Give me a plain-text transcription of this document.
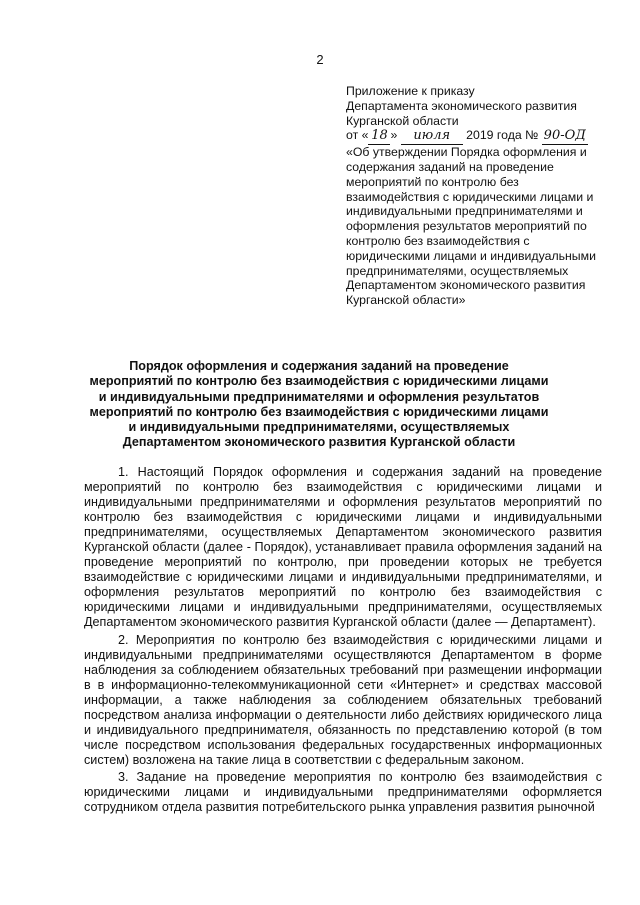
2
Приложение к приказу
Департамента экономического развития
Курганской области
от « 18 » июля 2019 года № 90-ОД
«Об утверждении Порядка оформления и содержания заданий на проведение мероприятий по контролю без взаимодействия с юридическими лицами и индивидуальными предпринимателями и оформления результатов мероприятий по контролю без взаимодействия с юридическими лицами и индивидуальными предпринимателями, осуществляемых Департаментом экономического развития Курганской области»
Порядок оформления и содержания заданий на проведение мероприятий по контролю без взаимодействия с юридическими лицами и индивидуальными предпринимателями и оформления результатов мероприятий по контролю без взаимодействия с юридическими лицами и индивидуальными предпринимателями, осуществляемых Департаментом экономического развития Курганской области

1. Настоящий Порядок оформления и содержания заданий на проведение мероприятий по контролю без взаимодействия с юридическими лицами и индивидуальными предпринимателями и оформления результатов мероприятий по контролю без взаимодействия с юридическими лицами и индивидуальными предпринимателями, осуществляемых Департаментом экономического развития Курганской области (далее - Порядок), устанавливает правила оформления заданий на проведение мероприятий по контролю, при проведении которых не требуется взаимодействие с юридическими лицами и индивидуальными предпринимателями, и оформления результатов мероприятий по контролю без взаимодействия с юридическими лицами и индивидуальными предпринимателями, осуществляемых Департаментом экономического развития Курганской области (далее — Департамент).

2. Мероприятия по контролю без взаимодействия с юридическими лицами и индивидуальными предпринимателями осуществляются Департаментом в форме наблюдения за соблюдением обязательных требований при размещении информации в в информационно-телекоммуникационной сети «Интернет» и средствах массовой информации, а также наблюдения за соблюдением обязательных требований посредством анализа информации о деятельности либо действиях юридического лица и индивидуального предпринимателя, обязанность по представлению которой (в том числе посредством использования федеральных государственных информационных систем) возложена на такие лица в соответствии с федеральным законом.

3. Задание на проведение мероприятия по контролю без взаимодействия с юридическими лицами и индивидуальными предпринимателями оформляется сотрудником отдела развития потребительского рынка управления развития рыночной
